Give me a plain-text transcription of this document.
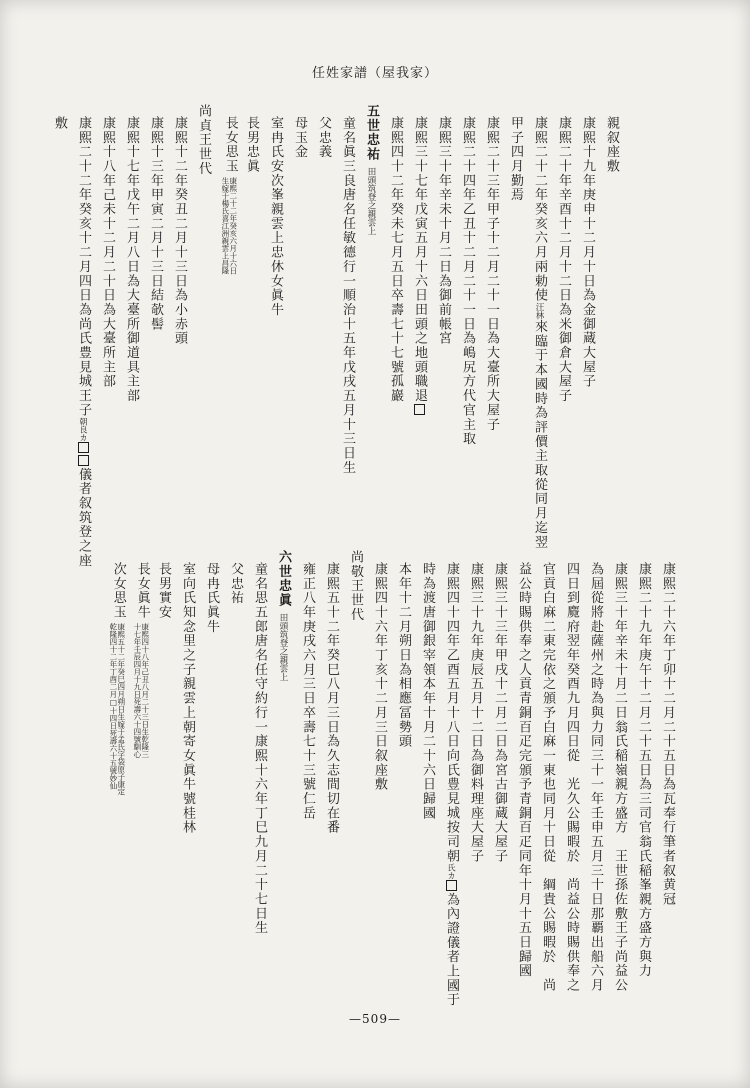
任姓家譜（屋我家）
親叙座敷
康熙十九年庚申十二月十日為金御蔵大屋子
康熙二十年辛酉十二月十二日為米御倉大屋子
康熙二十二年癸亥六月兩勅使汪林來臨于本國時為評價主取從同月迄翌
甲子四月勤焉
康熙二十三年甲子十二月二十一日為大臺所大屋子
康熙二十四年乙丑十二月二十一日為嶋尻方代官主取
康熙三十年辛未十月二日為御前帳宮
康熙三十七年戊寅五月十六日田頭之地頭職退
康熙四十二年癸未七月五日卒壽七十七號孤巖
五世忠祐田頭筑登之親雲上
童名眞三良唐名任敏德行一順治十五年戊戌五月十三日生
父忠義
母玉金
室冉氏安次峯親雲上忠休女眞牛
長男忠眞
長女思玉
康熙二十二年癸亥六月十六日
生嫁于楊氏喜江洲親雲上昌隆
尚貞王世代
康熙十二年癸丑二月十三日為小赤頭
康熙十三年甲寅二月十三日結欹髻
康熙十七年戊午二月八日為大臺所御道具主部
康熙十八年己未十二月二十日為大臺所主部
康熙二十二年癸亥十二月四日為尚氏豊見城王子朝良カ儀者叙筑登之座
敷
康熙二十六年丁卯十二月二十五日為瓦奉行筆者叙黄冠
康熙二十九年庚午十二月二十五日為三司官翁氏稲峯親方盛方與力
康熙三十年辛未十月二日翁氏稲嶺親方盛方　王世孫佐敷王子尚益公
為屆從將赴薩州之時為與力同三十一年壬申五月三十日那覇出船六月
四日到麑府翌年癸酉九月四日從　光久公賜暇於　尚益公時賜供奉之
官貢白麻二東完依之頒予白麻一東也同月十日從　綱貴公賜暇於　尚
益公時賜供奉之人貢青銅百疋完頒予青銅百疋同年十月十五日歸國
康熙三十三年甲戌十二月二日為宮古御蔵大屋子
康熙三十九年庚辰五月十二日為御料理座大屋子
康熙四十四年乙酉五月十八日向氏豊見城按司朝氏カ為內證儀者上國于
時為渡唐御銀宰領本年十月二十六日歸國
本年十二月朔日為相應冨勢頭
康熙四十六年丁亥十二月三日叙座敷
尚敬王世代
康熙五十二年癸巳八月三日為久志間切在番
雍正八年庚戌六月三日卒壽七十三號仁岳
六世忠眞田頭筑登之親雲上
童名思五郎唐名任守約行一康熙十六年丁巳九月二十七日生
父忠祐
母冉氏眞牛
室向氏知念里之子親雲上朝寄女眞牛號桂林
長男實安
長女眞牛
康熙四十八年己丑八月二十三日生乾隆三
十七年壬辰四月十九日死壽六十四號馴心
次女思玉
康熙五十二年癸巳四月朔日生嫁于孟氏字袋原子康定
乾隆四十二年丁酉二月□十四日死壽六十五號妙仙
—509—
